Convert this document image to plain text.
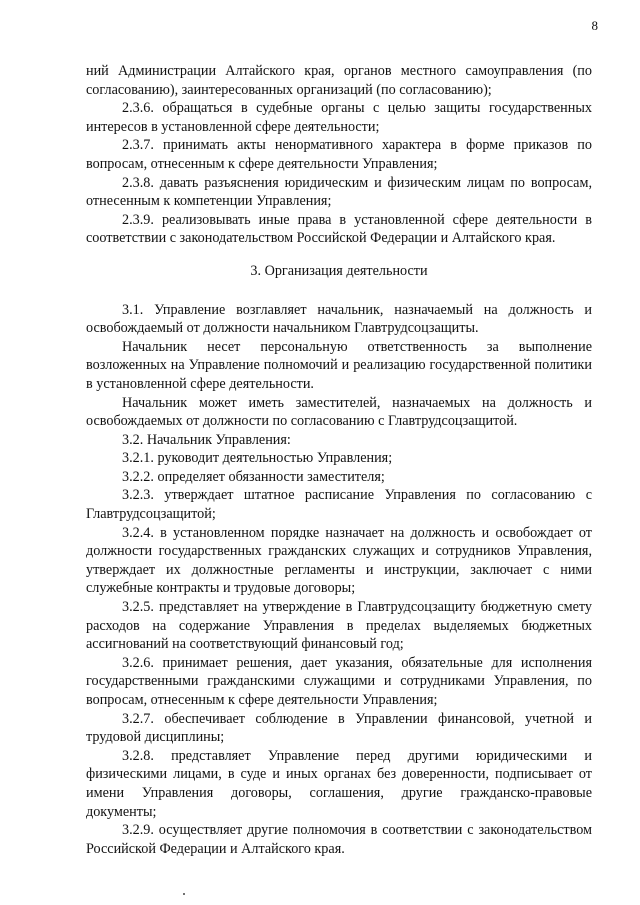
8

ний Администрации Алтайского края, органов местного самоуправления (по согласованию), заинтересованных организаций (по согласованию);

2.3.6. обращаться в судебные органы с целью защиты государственных интересов в установленной сфере деятельности;

2.3.7. принимать акты ненормативного характера в форме приказов по вопросам, отнесенным к сфере деятельности Управления;

2.3.8. давать разъяснения юридическим и физическим лицам по вопросам, отнесенным к компетенции Управления;

2.3.9. реализовывать иные права в установленной сфере деятельности в соответствии с законодательством Российской Федерации и Алтайского края.

3. Организация деятельности

3.1. Управление возглавляет начальник, назначаемый на должность и освобождаемый от должности начальником Главтрудсоцзащиты.

Начальник несет персональную ответственность за выполнение возложенных на Управление полномочий и реализацию государственной политики в установленной сфере деятельности.

Начальник может иметь заместителей, назначаемых на должность и освобождаемых от должности по согласованию с Главтрудсоцзащитой.

3.2. Начальник Управления:

3.2.1. руководит деятельностью Управления;

3.2.2. определяет обязанности заместителя;

3.2.3. утверждает штатное расписание Управления по согласованию с Главтрудсоцзащитой;

3.2.4. в установленном порядке назначает на должность и освобождает от должности государственных гражданских служащих и сотрудников Управления, утверждает их должностные регламенты и инструкции, заключает с ними служебные контракты и трудовые договоры;

3.2.5. представляет на утверждение в Главтрудсоцзащиту бюджетную смету расходов на содержание Управления в пределах выделяемых бюджетных ассигнований на соответствующий финансовый год;

3.2.6. принимает решения, дает указания, обязательные для исполнения государственными гражданскими служащими и сотрудниками Управления, по вопросам, отнесенным к сфере деятельности Управления;

3.2.7. обеспечивает соблюдение в Управлении финансовой, учетной и трудовой дисциплины;

3.2.8. представляет Управление перед другими юридическими и физическими лицами, в суде и иных органах без доверенности, подписывает от имени Управления договоры, соглашения, другие гражданско-правовые документы;

3.2.9. осуществляет другие полномочия в соответствии с законодательством Российской Федерации и Алтайского края.
